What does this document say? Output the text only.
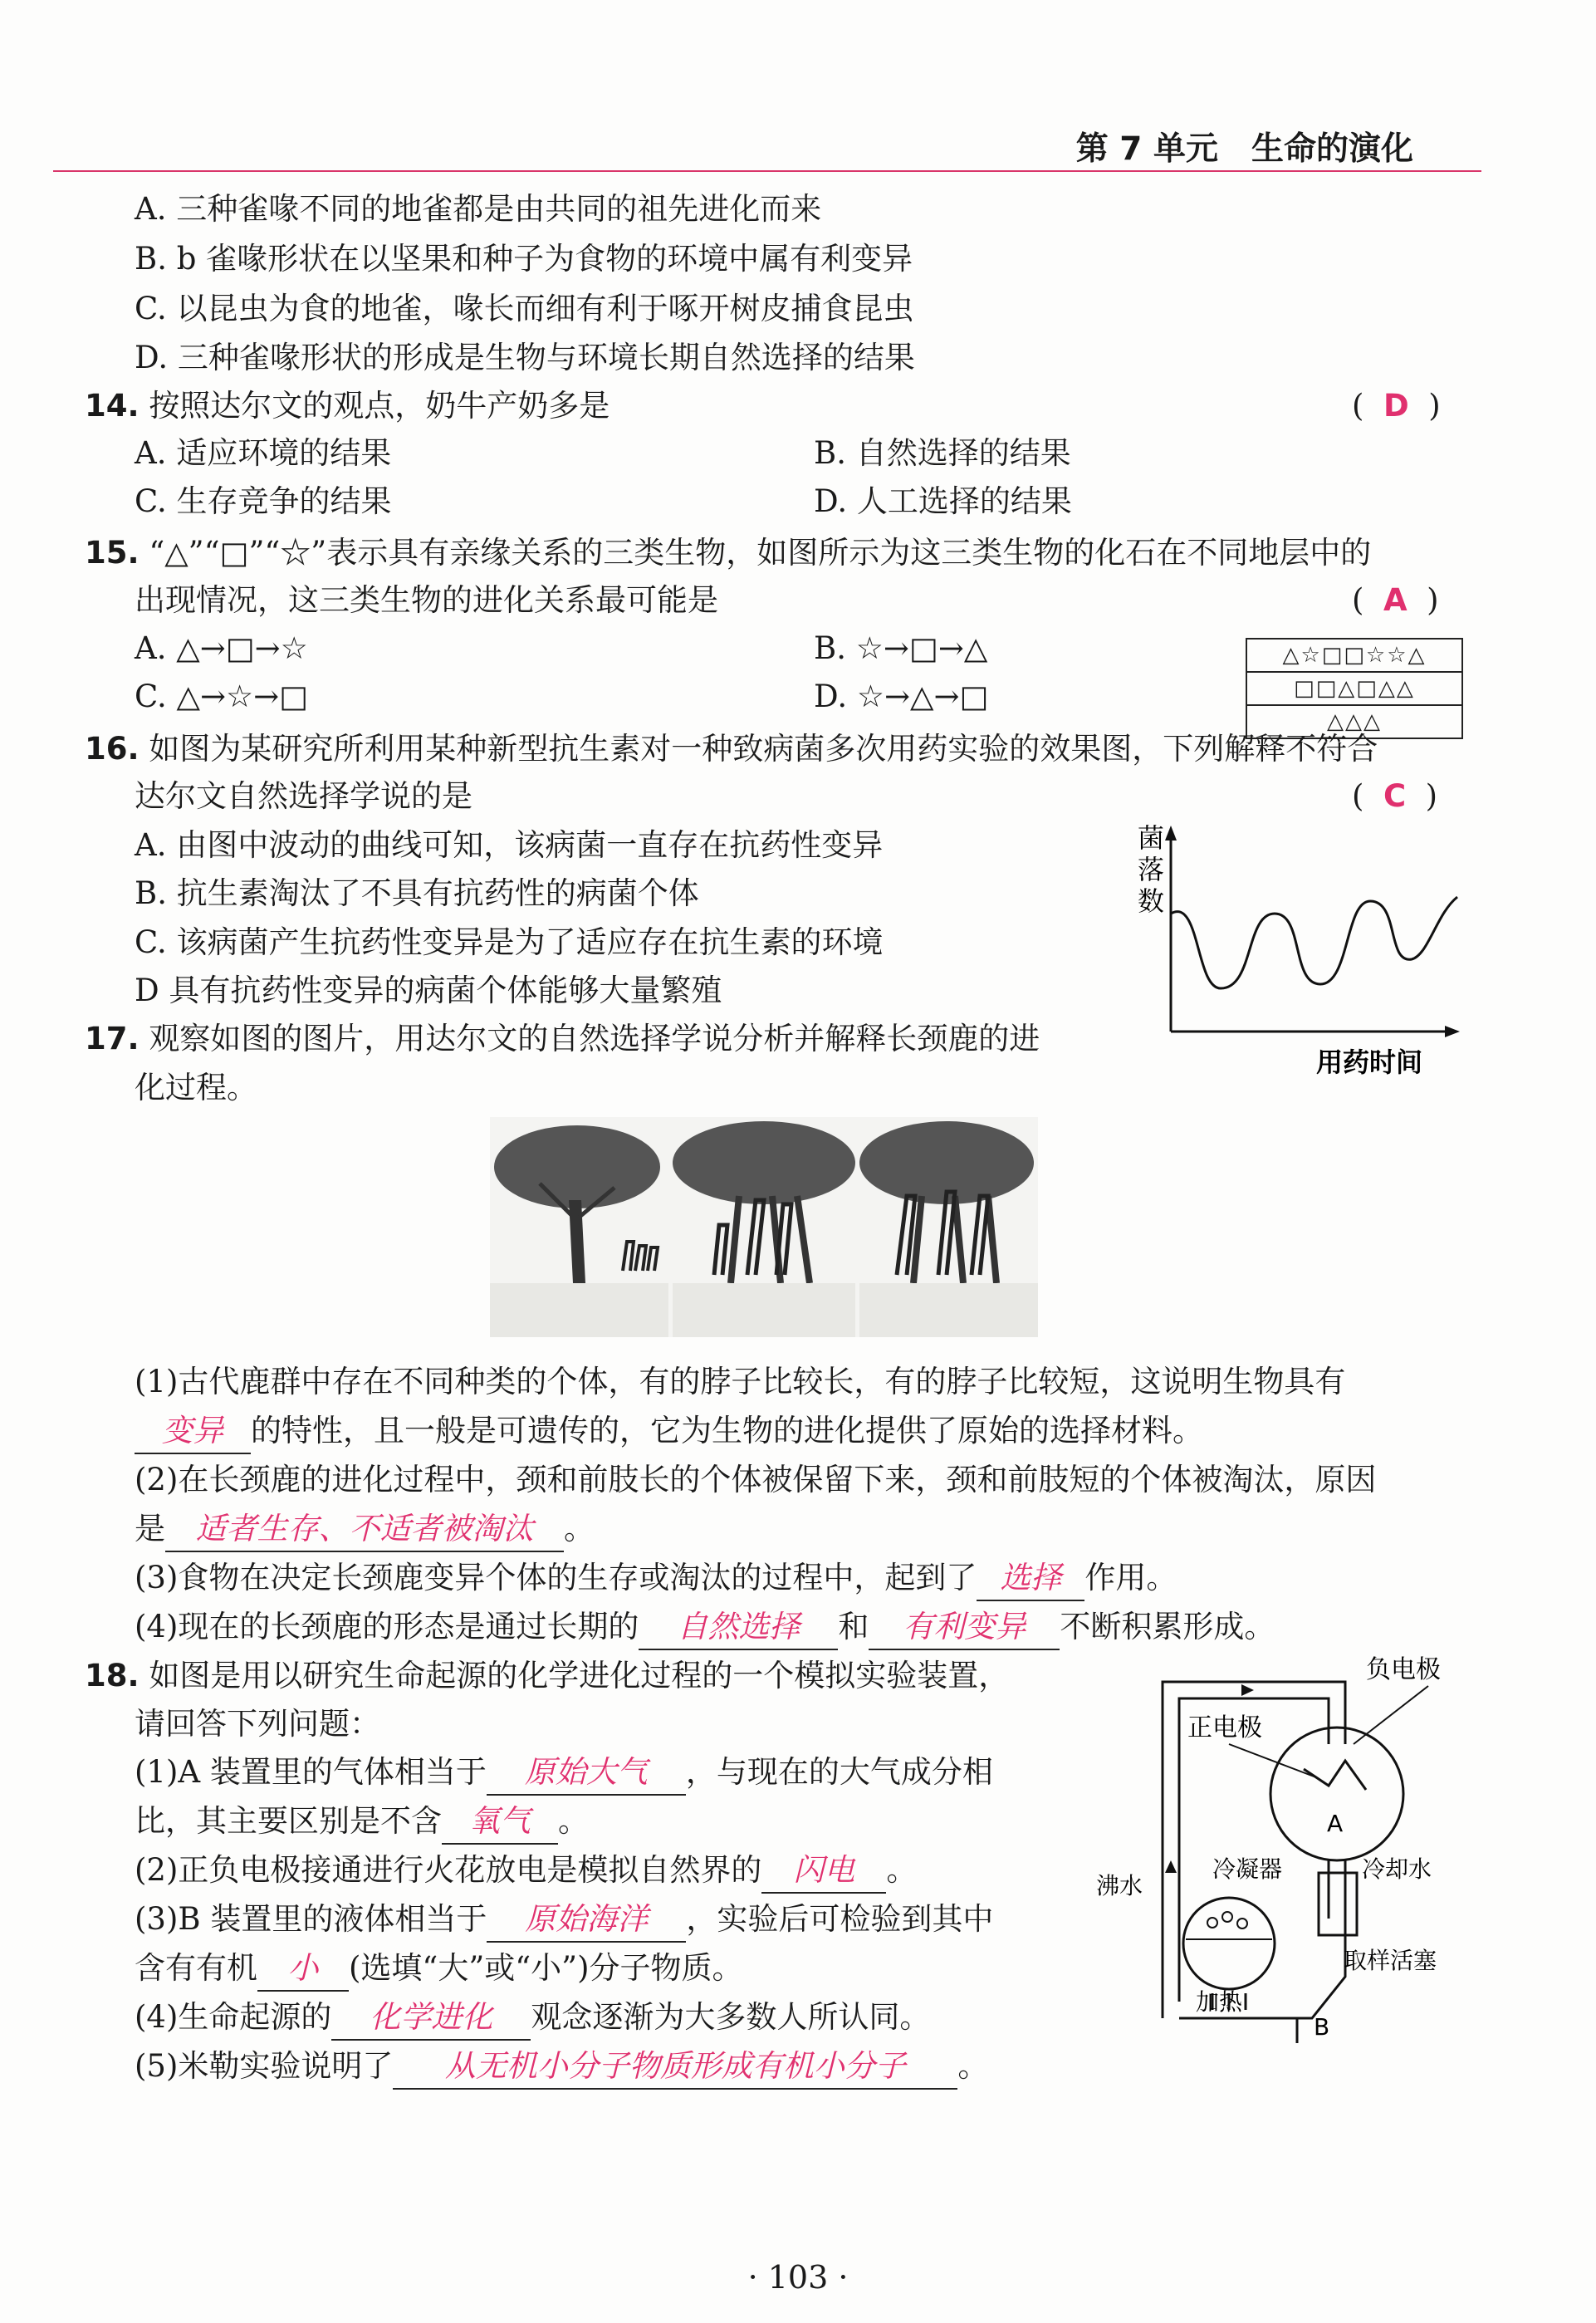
第 7 单元 生命的演化
A. 三种雀喙不同的地雀都是由共同的祖先进化而来
B. b 雀喙形状在以坚果和种子为食物的环境中属有利变异
C. 以昆虫为食的地雀，喙长而细有利于啄开树皮捕食昆虫
D. 三种雀喙形状的形成是生物与环境长期自然选择的结果
14. 按照达尔文的观点，奶牛产奶多是	(  D  )
A. 适应环境的结果	B. 自然选择的结果
C. 生存竞争的结果	D. 人工选择的结果
15. “△”“□”“☆”表示具有亲缘关系的三类生物，如图所示为这三类生物的化石在不同地层中的
出现情况，这三类生物的进化关系最可能是	(  A  )
A. △→□→☆	B. ☆→□→△
C. △→☆→□	D. ☆→△→□
△☆□□☆☆△
□□△□△△
△△△
16. 如图为某研究所利用某种新型抗生素对一种致病菌多次用药实验的效果图，下列解释不符合
达尔文自然选择学说的是	(  C  )
A. 由图中波动的曲线可知，该病菌一直存在抗药性变异
B. 抗生素淘汰了不具有抗药性的病菌个体
C. 该病菌产生抗药性变异是为了适应存在抗生素的环境
D 具有抗药性变异的病菌个体能够大量繁殖
菌
落
数
用药时间
17. 观察如图的图片，用达尔文的自然选择学说分析并解释长颈鹿的进
化过程。
(1)古代鹿群中存在不同种类的个体，有的脖子比较长，有的脖子比较短，这说明生物具有
变异 的特性，且一般是可遗传的，它为生物的进化提供了原始的选择材料。
(2)在长颈鹿的进化过程中，颈和前肢长的个体被保留下来，颈和前肢短的个体被淘汰，原因
是 适者生存、不适者被淘汰 。
(3)食物在决定长颈鹿变异个体的生存或淘汰的过程中，起到了 选择 作用。
(4)现在的长颈鹿的形态是通过长期的 自然选择 和 有利变异 不断积累形成。
18. 如图是用以研究生命起源的化学进化过程的一个模拟实验装置，
请回答下列问题：
(1)A 装置里的气体相当于 原始大气 ，与现在的大气成分相
比，其主要区别是不含 氧气 。
(2)正负电极接通进行火花放电是模拟自然界的 闪电 。
(3)B 装置里的液体相当于 原始海洋 ，实验后可检验到其中
含有有机 小 (选填“大”或“小”)分子物质。
(4)生命起源的 化学进化 观念逐渐为大多数人所认同。
(5)米勒实验说明了 从无机小分子物质形成有机小分子 。
负电极
正电极
A
冷凝器	冷却水
沸水
取样活塞
加热
B
· 103 ·
